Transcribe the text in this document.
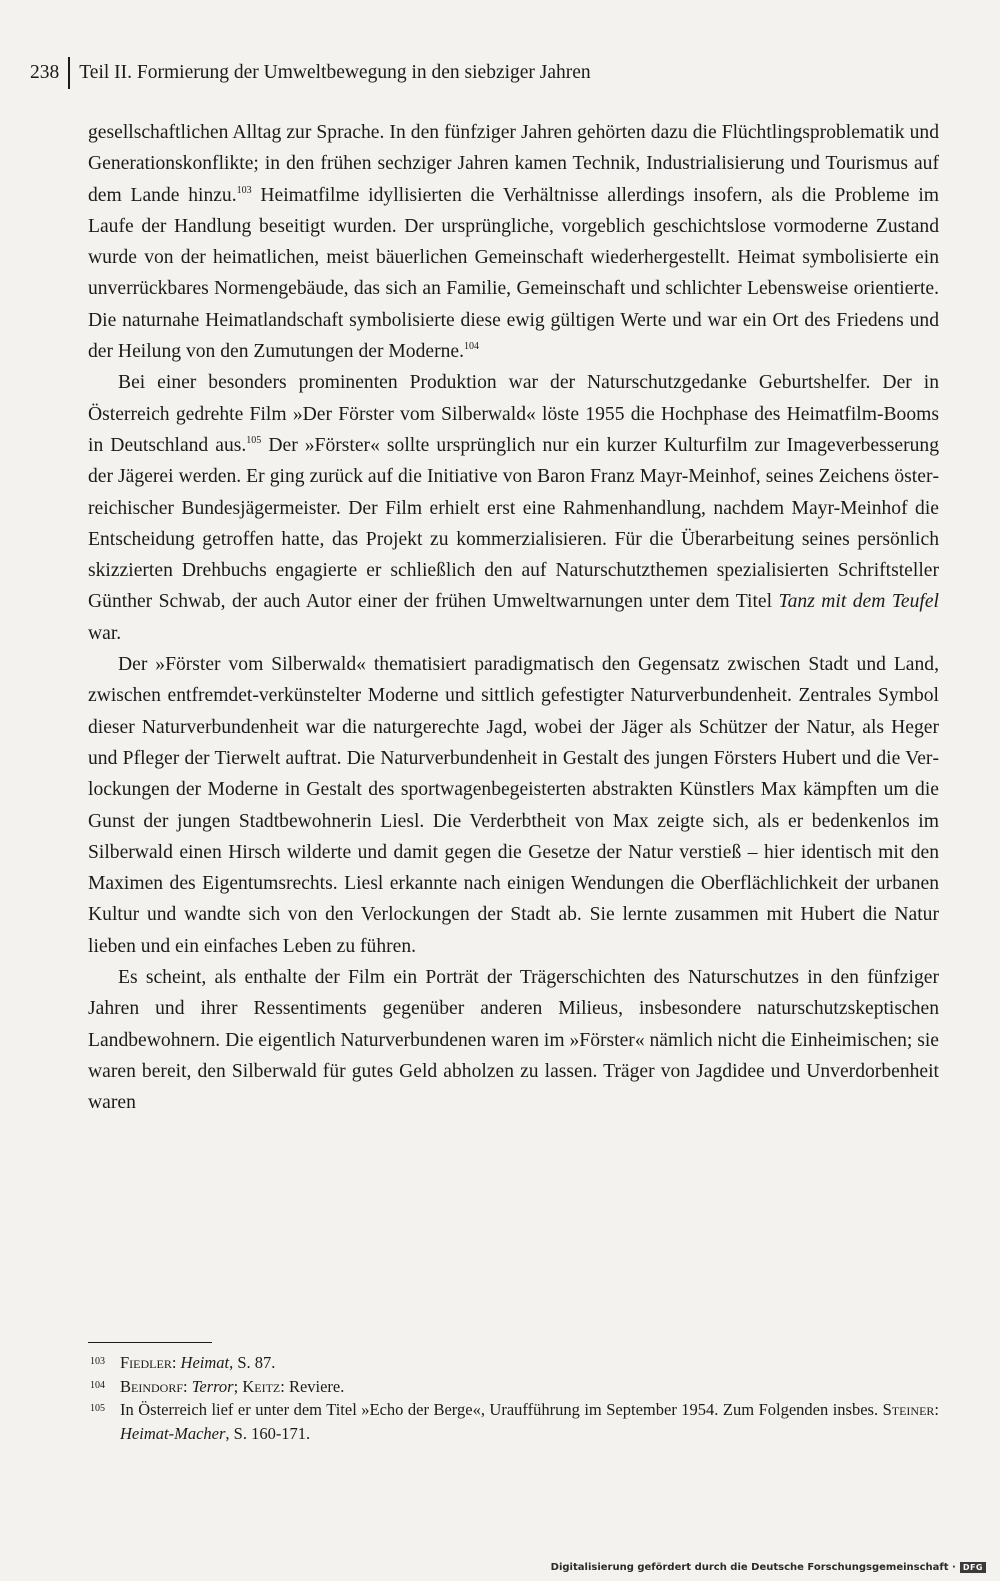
238 Teil II. Formierung der Umweltbewegung in den siebziger Jahren

gesellschaftlichen Alltag zur Sprache. In den fünfziger Jahren gehörten dazu die Flüchtlingsproblematik und Generationskonflikte; in den frühen sechziger Jahren kamen Technik, Industrialisierung und Tourismus auf dem Lande hinzu.$^{103}$ Heimatfilme idyllisierten die Verhältnisse allerdings insofern, als die Probleme im Laufe der Handlung beseitigt wurden. Der ursprüngliche, vorgeblich geschichtslose vormoderne Zustand wurde von der heimatlichen, meist bäuerlichen Gemeinschaft wiederhergestellt. Heimat symbolisierte ein unverrückbares Normengebäude, das sich an Familie, Gemeinschaft und schlichter Lebensweise orientierte. Die naturnahe Heimatlandschaft symbolisierte diese ewig gültigen Werte und war ein Ort des Friedens und der Heilung von den Zumutungen der Moderne.$^{104}$

Bei einer besonders prominenten Produktion war der Naturschutzgedanke Geburtshelfer. Der in Österreich gedrehte Film »Der Förster vom Silberwald« löste 1955 die Hochphase des Heimatfilm-Booms in Deutschland aus.$^{105}$ Der »Förster« sollte ursprünglich nur ein kurzer Kulturfilm zur Imageverbesserung der Jägerei werden. Er ging zurück auf die Initiative von Baron Franz Mayr-Meinhof, seines Zeichens österreichischer Bundesjägermeister. Der Film erhielt erst eine Rahmenhandlung, nachdem Mayr-Meinhof die Entscheidung getroffen hatte, das Projekt zu kommerzialisieren. Für die Überarbeitung seines persönlich skizzierten Drehbuchs engagierte er schließlich den auf Naturschutzthemen spezialisierten Schriftsteller Günther Schwab, der auch Autor einer der frühen Umweltwarnungen unter dem Titel Tanz mit dem Teufel war.

Der »Förster vom Silberwald« thematisiert paradigmatisch den Gegensatz zwischen Stadt und Land, zwischen entfremdet-verkünstelter Moderne und sittlich gefestigter Naturverbundenheit. Zentrales Symbol dieser Naturverbundenheit war die naturgerechte Jagd, wobei der Jäger als Schützer der Natur, als Heger und Pfleger der Tierwelt auftrat. Die Naturverbundenheit in Gestalt des jungen Försters Hubert und die Verlockungen der Moderne in Gestalt des sportwagenbegeisterten abstrakten Künstlers Max kämpften um die Gunst der jungen Stadtbewohnerin Liesl. Die Verderbtheit von Max zeigte sich, als er bedenkenlos im Silberwald einen Hirsch wilderte und damit gegen die Gesetze der Natur verstieß – hier identisch mit den Maximen des Eigentumsrechts. Liesl erkannte nach einigen Wendungen die Oberflächlichkeit der urbanen Kultur und wandte sich von den Verlockungen der Stadt ab. Sie lernte zusammen mit Hubert die Natur lieben und ein einfaches Leben zu führen.

Es scheint, als enthalte der Film ein Porträt der Trägerschichten des Naturschutzes in den fünfziger Jahren und ihrer Ressentiments gegenüber anderen Milieus, insbesondere naturschutzskeptischen Landbewohnern. Die eigentlich Naturverbundenen waren im »Förster« nämlich nicht die Einheimischen; sie waren bereit, den Silberwald für gutes Geld abholzen zu lassen. Träger von Jagdidee und Unverdorbenheit waren

103 Fiedler: Heimat, S. 87.
104 Beindorf: Terror; Keitz: Reviere.
105 In Österreich lief er unter dem Titel »Echo der Berge«, Uraufführung im September 1954. Zum Folgenden insbes. Steiner: Heimat-Macher, S. 160-171.
Digitalisierung gefördert durch die Deutsche Forschungsgemeinschaft · DFG
